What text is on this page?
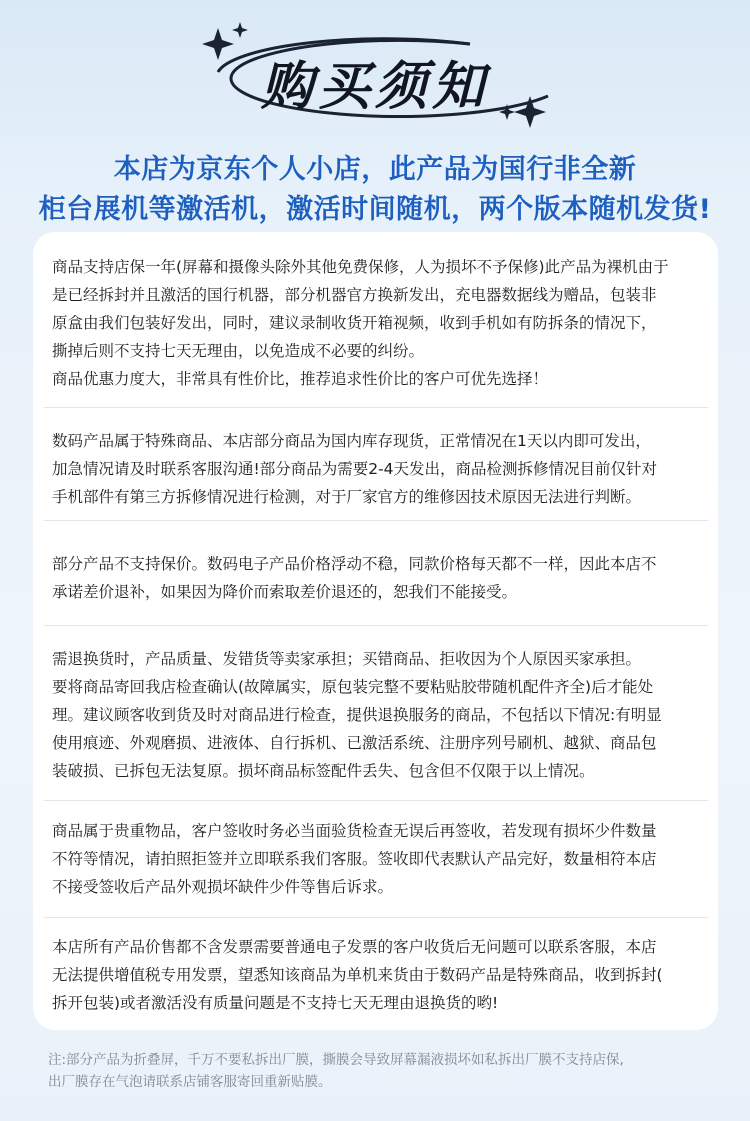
购买须知
本店为京东个人小店，此产品为国行非全新
柜台展机等激活机，激活时间随机，两个版本随机发货!
商品支持店保一年(屏幕和摄像头除外其他免费保修，人为损坏不予保修)此产品为裸机由于
是已经拆封并且激活的国行机器，部分机器官方换新发出，充电器数据线为赠品，包装非
原盒由我们包装好发出，同时，建议录制收货开箱视频，收到手机如有防拆条的情况下，
撕掉后则不支持七天无理由，以免造成不必要的纠纷。
商品优惠力度大，非常具有性价比，推荐追求性价比的客户可优先选择！
数码产品属于特殊商品、本店部分商品为国内库存现货，正常情况在1天以内即可发出，
加急情况请及时联系客服沟通!部分商品为需要2-4天发出，商品检测拆修情况目前仅针对
手机部件有第三方拆修情况进行检测，对于厂家官方的维修因技术原因无法进行判断。
部分产品不支持保价。数码电子产品价格浮动不稳，同款价格每天都不一样，因此本店不
承诺差价退补，如果因为降价而索取差价退还的，恕我们不能接受。
需退换货时，产品质量、发错货等卖家承担；买错商品、拒收因为个人原因买家承担。
要将商品寄回我店检查确认(故障属实，原包装完整不要粘贴胶带随机配件齐全)后才能处
理。建议顾客收到货及时对商品进行检查，提供退换服务的商品，不包括以下情况:有明显
使用痕迹、外观磨损、进液体、自行拆机、已激活系统、注册序列号刷机、越狱、商品包
装破损、已拆包无法复原。损坏商品标签配件丢失、包含但不仅限于以上情况。
商品属于贵重物品，客户签收时务必当面验货检查无误后再签收，若发现有损坏少件数量
不符等情况，请拍照拒签并立即联系我们客服。签收即代表默认产品完好，数量相符本店
不接受签收后产品外观损坏缺件少件等售后诉求。
本店所有产品价售都不含发票需要普通电子发票的客户收货后无问题可以联系客服，本店
无法提供增值税专用发票，望悉知该商品为单机来货由于数码产品是特殊商品，收到拆封(
拆开包装)或者激活没有质量问题是不支持七天无理由退换货的哟!
注:部分产品为折叠屏，千万不要私拆出厂膜，撕膜会导致屏幕漏液损坏如私拆出厂膜不支持店保,
出厂膜存在气泡请联系店铺客服寄回重新贴膜。
